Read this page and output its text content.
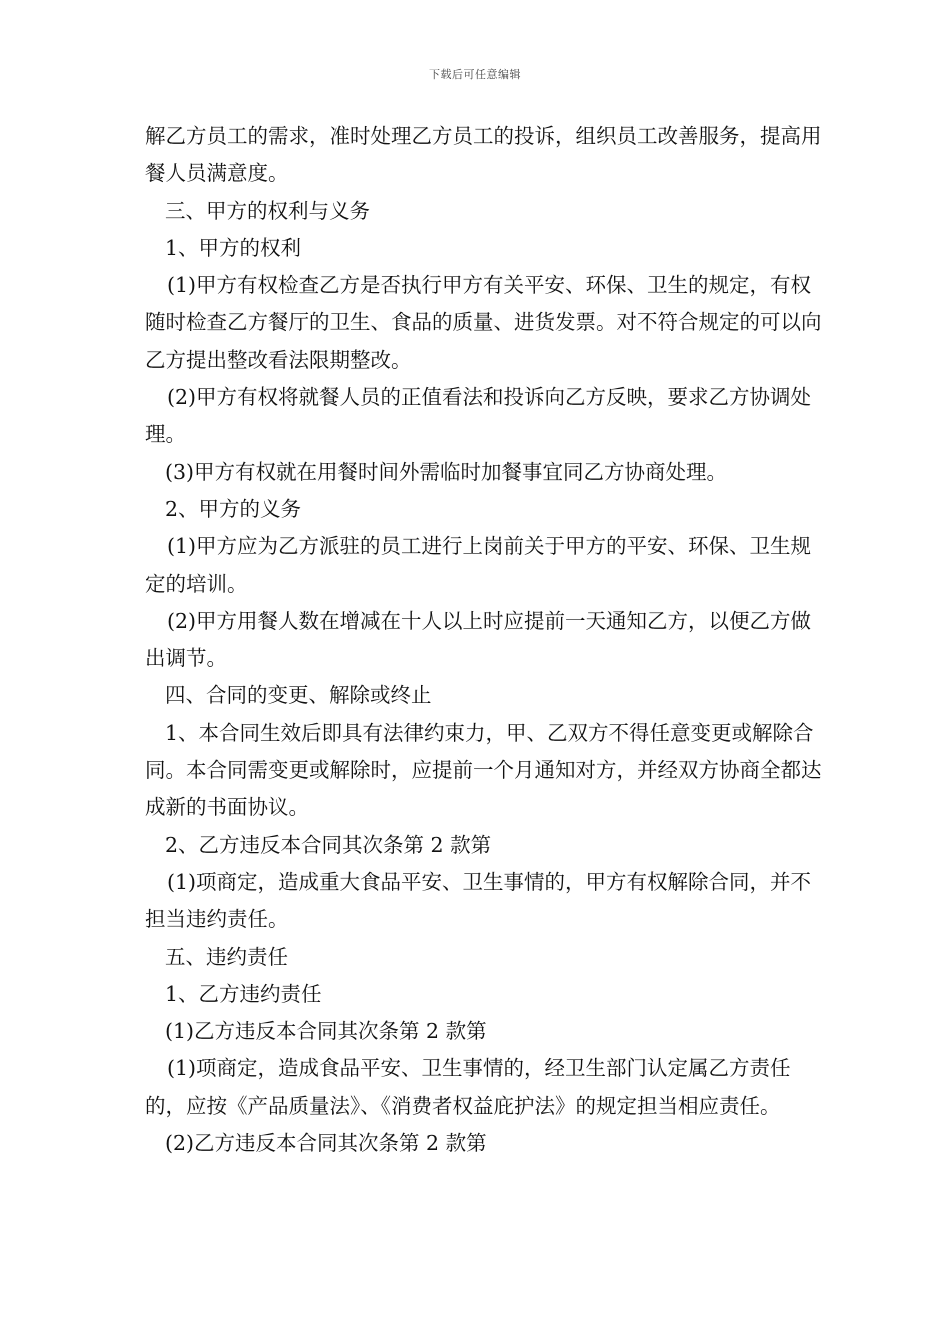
下载后可任意编辑

解乙方员工的需求，准时处理乙方员工的投诉，组织员工改善服务，提高用餐人员满意度。

三、甲方的权利与义务

1、甲方的权利

(1)甲方有权检查乙方是否执行甲方有关平安、环保、卫生的规定，有权随时检查乙方餐厅的卫生、食品的质量、进货发票。对不符合规定的可以向乙方提出整改看法限期整改。

(2)甲方有权将就餐人员的正值看法和投诉向乙方反映，要求乙方协调处理。

(3)甲方有权就在用餐时间外需临时加餐事宜同乙方协商处理。

2、甲方的义务

(1)甲方应为乙方派驻的员工进行上岗前关于甲方的平安、环保、卫生规定的培训。

(2)甲方用餐人数在增减在十人以上时应提前一天通知乙方，以便乙方做出调节。

四、合同的变更、解除或终止

1、本合同生效后即具有法律约束力，甲、乙双方不得任意变更或解除合同。本合同需变更或解除时，应提前一个月通知对方，并经双方协商全都达成新的书面协议。

2、乙方违反本合同其次条第 2 款第

(1)项商定，造成重大食品平安、卫生事情的，甲方有权解除合同，并不担当违约责任。

五、违约责任

1、乙方违约责任

(1)乙方违反本合同其次条第 2 款第

(1)项商定，造成食品平安、卫生事情的，经卫生部门认定属乙方责任的，应按《产品质量法》、《消费者权益庇护法》的规定担当相应责任。

(2)乙方违反本合同其次条第 2 款第
